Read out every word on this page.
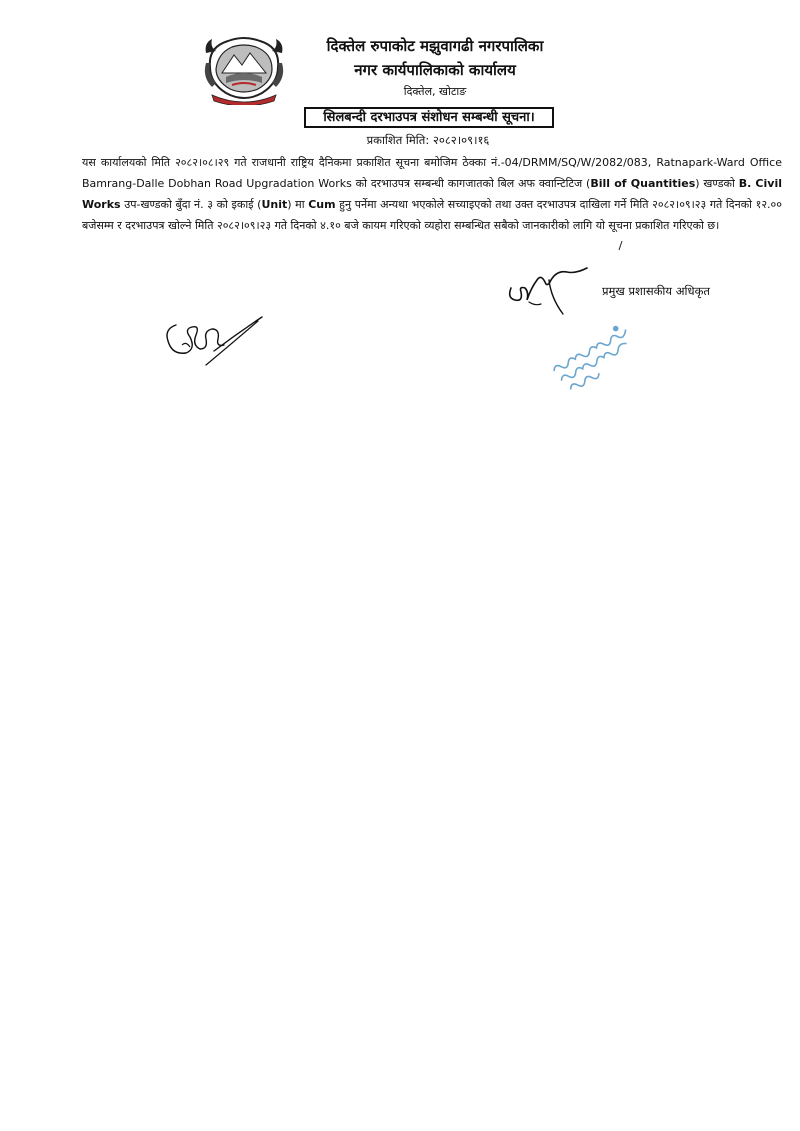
दिक्तेल रुपाकोट मझुवागढी नगरपालिका
नगर कार्यपालिकाको कार्यालय
दिक्तेल, खोटाङ
सिलबन्दी दरभाउपत्र संशोधन सम्बन्धी सूचना।
प्रकाशित मिति: २०८२।०९।१६
यस कार्यालयको मिति २०८२।०८।२९ गते राजधानी राष्ट्रिय दैनिकमा प्रकाशित सूचना बमोजिम ठेक्का नं.-04/DRMM/SQ/W/2082/083, Ratnapark-Ward Office Bamrang-Dalle Dobhan Road Upgradation Works को दरभाउपत्र सम्बन्धी कागजातको बिल अफ क्वान्टिटिज (Bill of Quantities) खण्डको B. Civil Works उप-खण्डको बुँदा नं. ३ को इकाई (Unit) मा Cum हुनु पर्नेमा अन्यथा भएकोले सच्याइएको तथा उक्त दरभाउपत्र दाखिला गर्ने मिति २०८२।०९।२३ गते दिनको १२.०० बजेसम्म र दरभाउपत्र खोल्ने मिति २०८२।०९।२३ गते दिनको ४.१० बजे कायम गरिएको व्यहोरा सम्बन्धित सबैको जानकारीको लागि यो सूचना प्रकाशित गरिएको छ।
प्रमुख प्रशासकीय अधिकृत
